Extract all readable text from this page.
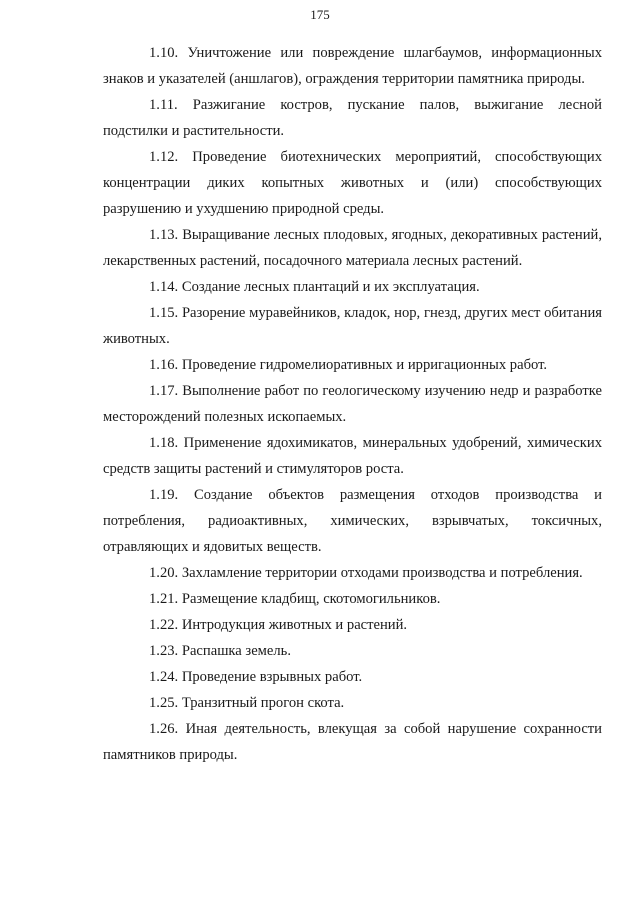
175

1.10. Уничтожение или повреждение шлагбаумов, информационных знаков и указателей (аншлагов), ограждения территории памятника природы.

1.11. Разжигание костров, пускание палов, выжигание лесной подстилки и растительности.

1.12. Проведение биотехнических мероприятий, способствующих концентрации диких копытных животных и (или) способствующих разрушению и ухудшению природной среды.

1.13. Выращивание лесных плодовых, ягодных, декоративных растений, лекарственных растений, посадочного материала лесных растений.

1.14. Создание лесных плантаций и их эксплуатация.

1.15. Разорение муравейников, кладок, нор, гнезд, других мест обитания животных.

1.16. Проведение гидромелиоративных и ирригационных работ.

1.17. Выполнение работ по геологическому изучению недр и разработке месторождений полезных ископаемых.

1.18. Применение ядохимикатов, минеральных удобрений, химических средств защиты растений и стимуляторов роста.

1.19. Создание объектов размещения отходов производства и потребления, радиоактивных, химических, взрывчатых, токсичных, отравляющих и ядовитых веществ.

1.20. Захламление территории отходами производства и потребления.

1.21. Размещение кладбищ, скотомогильников.

1.22. Интродукция животных и растений.

1.23. Распашка земель.

1.24. Проведение взрывных работ.

1.25. Транзитный прогон скота.

1.26. Иная деятельность, влекущая за собой нарушение сохранности памятников природы.
